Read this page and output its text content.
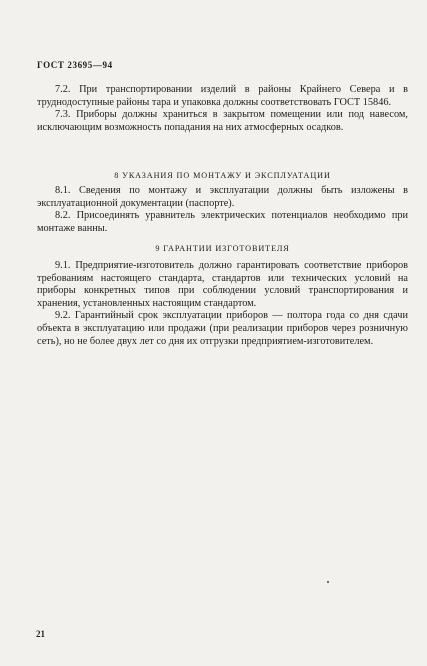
ГОСТ 23695—94

7.2. При транспортировании изделий в районы Крайнего Севера и в труднодоступные районы тара и упаковка должны соответствовать ГОСТ 15846.

7.3. Приборы должны храниться в закрытом помещении или под навесом, исключающим возможность попадания на них атмосферных осадков.

8 УКАЗАНИЯ ПО МОНТАЖУ И ЭКСПЛУАТАЦИИ

8.1. Сведения по монтажу и эксплуатации должны быть изложены в эксплуатационной документации (паспорте).

8.2. Присоединять уравнитель электрических потенциалов необходимо при монтаже ванны.

9 ГАРАНТИИ ИЗГОТОВИТЕЛЯ

9.1. Предприятие-изготовитель должно гарантировать соответствие приборов требованиям настоящего стандарта, стандартов или технических условий на приборы конкретных типов при соблюдении условий транспортирования и хранения, установленных настоящим стандартом.

9.2. Гарантийный срок эксплуатации приборов — полтора года со дня сдачи объекта в эксплуатацию или продажи (при реализации приборов через розничную сеть), но не более двух лет со дня их отгрузки предприятием-изготовителем.

21
